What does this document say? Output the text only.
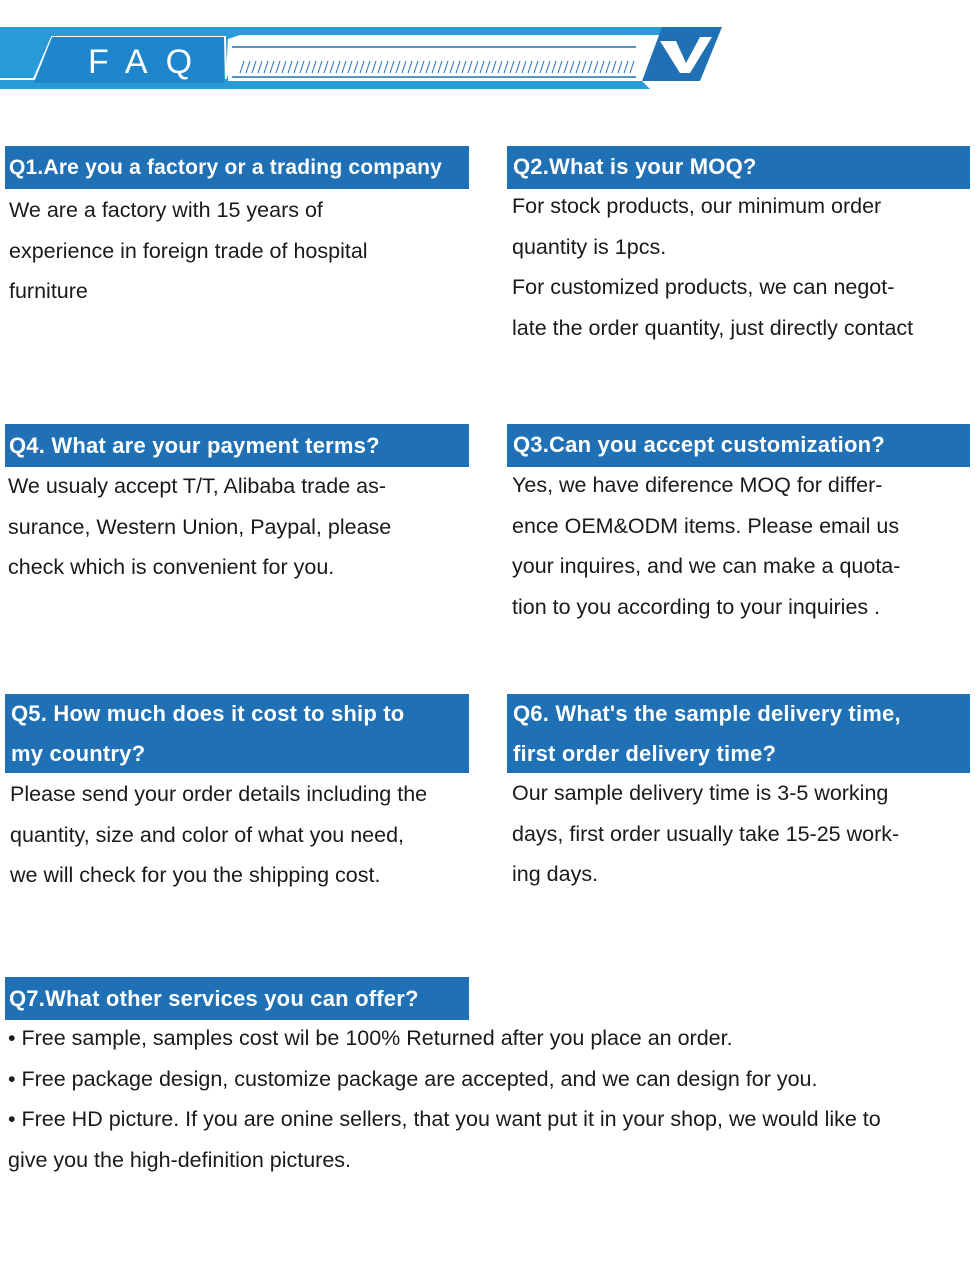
FAQ
Q1.Are you a factory or a trading company

We are a factory with 15 years of

experience in foreign trade of hospital

furniture

Q2.What is your MOQ?

For stock products, our minimum order

quantity is 1pcs.

For customized products, we can negot-

late the order quantity, just directly contact

Q4. What are your payment terms?

We usualy accept T/T, Alibaba trade as-

surance, Western Union, Paypal, please

check which is convenient for you.

Q3.Can you accept customization?

Yes, we have diference MOQ for differ-

ence OEM&ODM items. Please email us

your inquires, and we can make a quota-

tion to you according to your inquiries .

Q5. How much does it cost to ship to
my country?

Please send your order details including the

quantity, size and color of what you need,

we will check for you the shipping cost.

Q6. What's the sample delivery time,
first order delivery time?

Our sample delivery time is 3-5 working

days, first order usually take 15-25 work-

ing days.

Q7.What other services you can offer?

• Free sample, samples cost wil be 100% Returned after you place an order.

• Free package design, customize package are accepted, and we can design for you.

• Free HD picture. If you are onine sellers, that you want put it in your shop, we would like to

give you the high-definition pictures.
